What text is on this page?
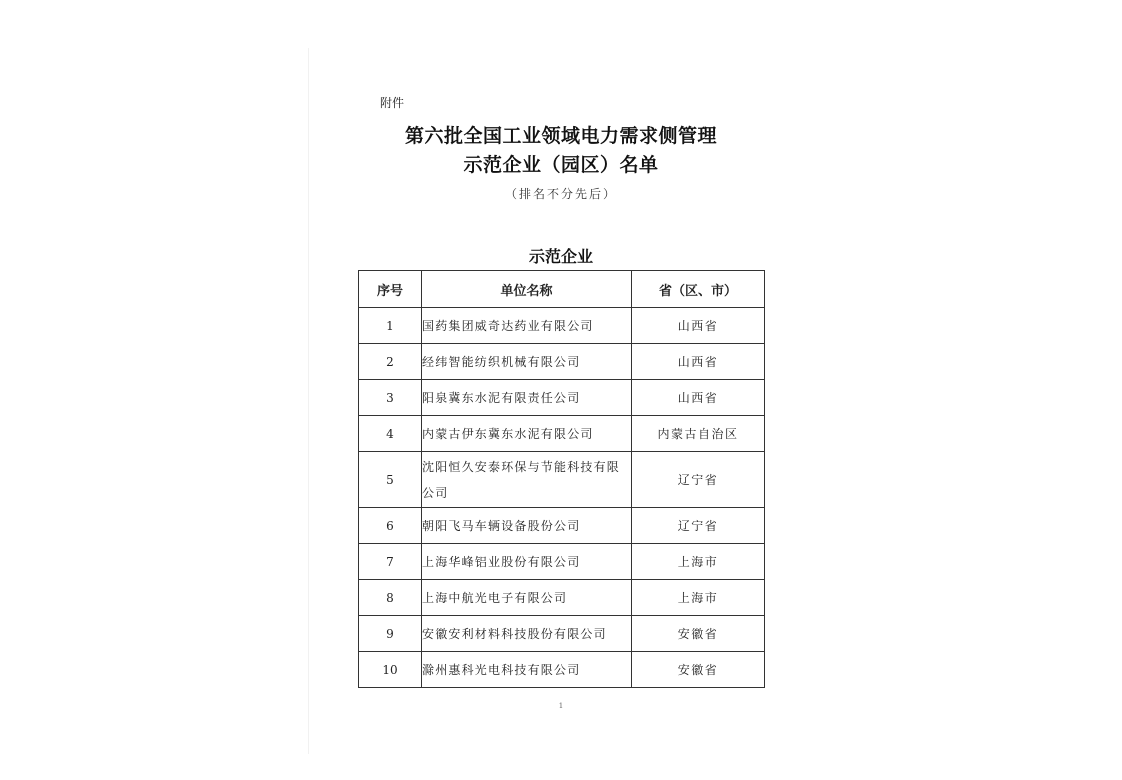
附件
第六批全国工业领域电力需求侧管理
示范企业（园区）名单
（排名不分先后）
示范企业
序号	单位名称	省（区、市）
1	国药集团威奇达药业有限公司	山西省
2	经纬智能纺织机械有限公司	山西省
3	阳泉冀东水泥有限责任公司	山西省
4	内蒙古伊东冀东水泥有限公司	内蒙古自治区
5	沈阳恒久安泰环保与节能科技有限公司	辽宁省
6	朝阳飞马车辆设备股份公司	辽宁省
7	上海华峰铝业股份有限公司	上海市
8	上海中航光电子有限公司	上海市
9	安徽安利材料科技股份有限公司	安徽省
10	滁州惠科光电科技有限公司	安徽省
1
